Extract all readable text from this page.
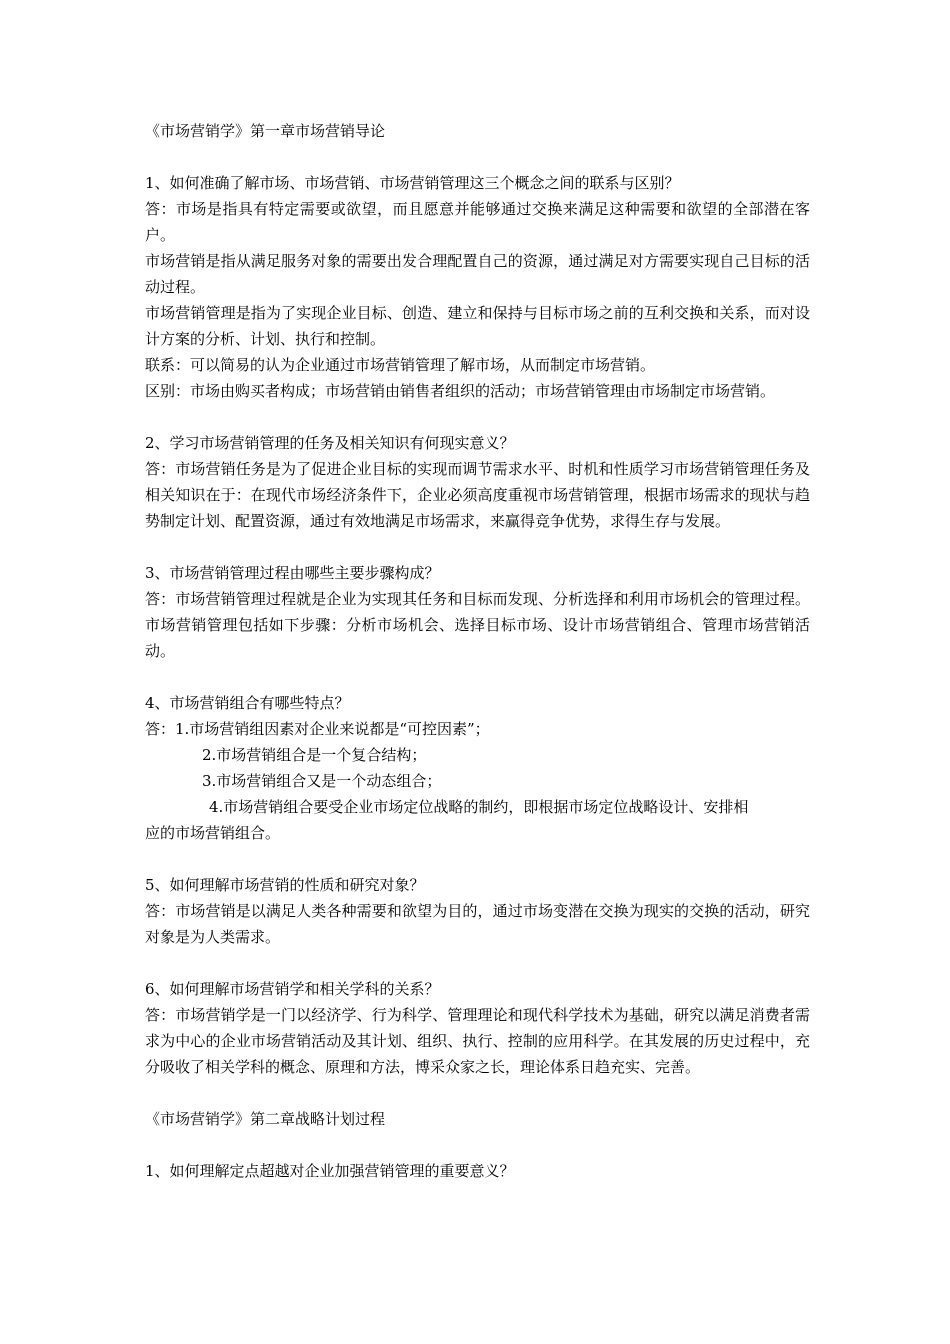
《市场营销学》第一章市场营销导论
1、如何准确了解市场、市场营销、市场营销管理这三个概念之间的联系与区别？
答：市场是指具有特定需要或欲望，而且愿意并能够通过交换来满足这种需要和欲望的全部潜在客户。
市场营销是指从满足服务对象的需要出发合理配置自己的资源，通过满足对方需要实现自己目标的活动过程。
市场营销管理是指为了实现企业目标、创造、建立和保持与目标市场之前的互利交换和关系，而对设计方案的分析、计划、执行和控制。
联系：可以简易的认为企业通过市场营销管理了解市场，从而制定市场营销。
区别：市场由购买者构成；市场营销由销售者组织的活动；市场营销管理由市场制定市场营销。
2、学习市场营销管理的任务及相关知识有何现实意义？
答：市场营销任务是为了促进企业目标的实现而调节需求水平、时机和性质学习市场营销管理任务及相关知识在于：在现代市场经济条件下，企业必须高度重视市场营销管理，根据市场需求的现状与趋势制定计划、配置资源，通过有效地满足市场需求，来赢得竞争优势，求得生存与发展。
3、市场营销管理过程由哪些主要步骤构成？
答：市场营销管理过程就是企业为实现其任务和目标而发现、分析选择和利用市场机会的管理过程。市场营销管理包括如下步骤：分析市场机会、选择目标市场、设计市场营销组合、管理市场营销活动。
4、市场营销组合有哪些特点？
答：1.市场营销组因素对企业来说都是“可控因素”；
2.市场营销组合是一个复合结构；
3.市场营销组合又是一个动态组合；
4.市场营销组合要受企业市场定位战略的制约，即根据市场定位战略设计、安排相
应的市场营销组合。
5、如何理解市场营销的性质和研究对象？
答：市场营销是以满足人类各种需要和欲望为目的，通过市场变潜在交换为现实的交换的活动，研究对象是为人类需求。
6、如何理解市场营销学和相关学科的关系？
答：市场营销学是一门以经济学、行为科学、管理理论和现代科学技术为基础，研究以满足消费者需求为中心的企业市场营销活动及其计划、组织、执行、控制的应用科学。在其发展的历史过程中，充分吸收了相关学科的概念、原理和方法，博采众家之长，理论体系日趋充实、完善。
《市场营销学》第二章战略计划过程
1、如何理解定点超越对企业加强营销管理的重要意义？
